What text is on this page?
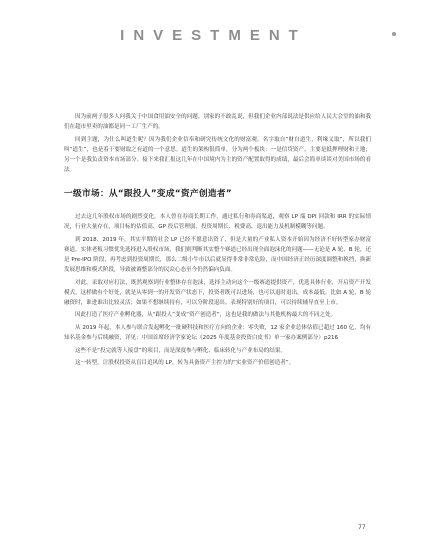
INVESTMENT

因为前两子很多人问我关于中国食用油安全的问题。别家的不敢乱说，但我们企业内部说法是供应给人民大会堂的油和我们在超市里卖的油都是同一工厂生产的。

回到主题，为什么叫道生呢？因为我们企业信奉和研究传统文化的财富观。名字取自“财自道生，利缘义取”，所以我们叫“道生”，也是着于要财取之有道的一个意思。道生的架构很简单，分为两个板块：一是信贷资产，主要是抵押理财和土地；另一个是我负责资本市场部分。接下来我汇报这几年在中国境内为主的资产配置取得的成绩，最后会简单谈谈对美国市场的看法。

一级市场：从“跟投人”变成“资产创造者”

过去这几年股权市场的剧烈变化。本人曾在券商长期工作，通过私行和券商渠道，观察 LP 端 DPI 回款和 IRR 的实际情况，行业大量存在，项目标的估值高、GP 投后管理弱、投资周期长、税费高、退出能力及机制模糊等问题。

到 2018、2019 年，其实平期的社会 LP 已经不愿意出资了，但是大量的产业私人资本开始因为经济不好转型家办财富赛道。实体老板习惯优先选择进入股权市场，我们则判断其实整个赛道已经出现全面泡沫化的问题——无论是 A 轮、B 轮，还是 Pre-IPO 阶段，再考虑到投资周期长，那么二级小牛市以后就显得非常非常危险，而中国经济正经历深度调整和换挡，换新发展思维和模式阶段，导致被调整部分的民众心态至今仍然偏向负面。

对此，采取对应打法，既然观察到行业整体存在泡沫，选择主动向这个一级赛道提供资产，优选具体行业，开启资产开发模式。这样做有个好处，就是从零到一的开发资产状态下，投资者既可以进场，也可以退时退出，成本最低。比如 A 轮、B 轮融资时，谁进谁出比较灵活；如果不想继续持有，可以分阶段退出。表现特别好的项目，可以持续辅导直至上市。

因此打造了医疗产业孵化器，从“跟投人”变成“资产创造者”，这也是我的做法与其他机构最大的不同之处。

从 2019 年起，本人参与联合发起孵化一批硬科技和医疗方向的企业：零失败，12 家企业总体估值已超过 160 亿，均有知名基金参与后续融资，详见：中国首席经济学家论坛《2025 年度基金投资白皮书》单一家办案例部分）p216

这些不是“投完就等人接盘”的项目，而是深度参与孵化、临床转化与产业布局的结果。

这一转型，让股权投资从盲目追风的 LP，转为具备资产主控力的“实业资产价值创造者”。

77
